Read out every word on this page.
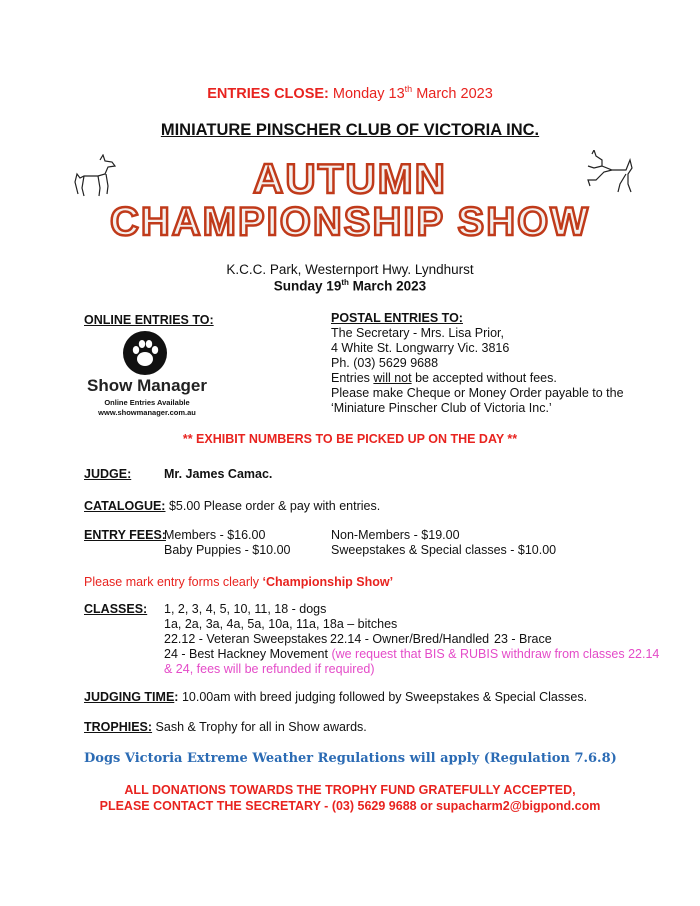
ENTRIES CLOSE: Monday 13th March 2023
MINIATURE PINSCHER CLUB OF VICTORIA INC.
AUTUMN
CHAMPIONSHIP SHOW
K.C.C. Park, Westernport Hwy. Lyndhurst
Sunday 19th March 2023
ONLINE ENTRIES TO:
Show Manager
Online Entries Available
www.showmanager.com.au
POSTAL ENTRIES TO:
The Secretary - Mrs. Lisa Prior,
4 White St. Longwarry Vic. 3816
Ph. (03) 5629 9688
Entries will not be accepted without fees.
Please make Cheque or Money Order payable to the
‘Miniature Pinscher Club of Victoria Inc.’
** EXHIBIT NUMBERS TO BE PICKED UP ON THE DAY **
JUDGE:	Mr. James Camac.
CATALOGUE: $5.00 Please order & pay with entries.
ENTRY FEES:
Members - $16.00	Non-Members - $19.00
Baby Puppies - $10.00	Sweepstakes & Special classes - $10.00
Please mark entry forms clearly ‘Championship Show’
CLASSES: 1, 2, 3, 4, 5, 10, 11, 18 - dogs
1a, 2a, 3a, 4a, 5a, 10a, 11a, 18a – bitches
22.12 - Veteran Sweepstakes 22.14 - Owner/Bred/Handled 23 - Brace
24 - Best Hackney Movement (we request that BIS & RUBIS withdraw from classes 22.14
& 24, fees will be refunded if required)
JUDGING TIME: 10.00am with breed judging followed by Sweepstakes & Special Classes.
TROPHIES: Sash & Trophy for all in Show awards.
Dogs Victoria Extreme Weather Regulations will apply (Regulation 7.6.8)
ALL DONATIONS TOWARDS THE TROPHY FUND GRATEFULLY ACCEPTED,
PLEASE CONTACT THE SECRETARY - (03) 5629 9688 or supacharm2@bigpond.com
